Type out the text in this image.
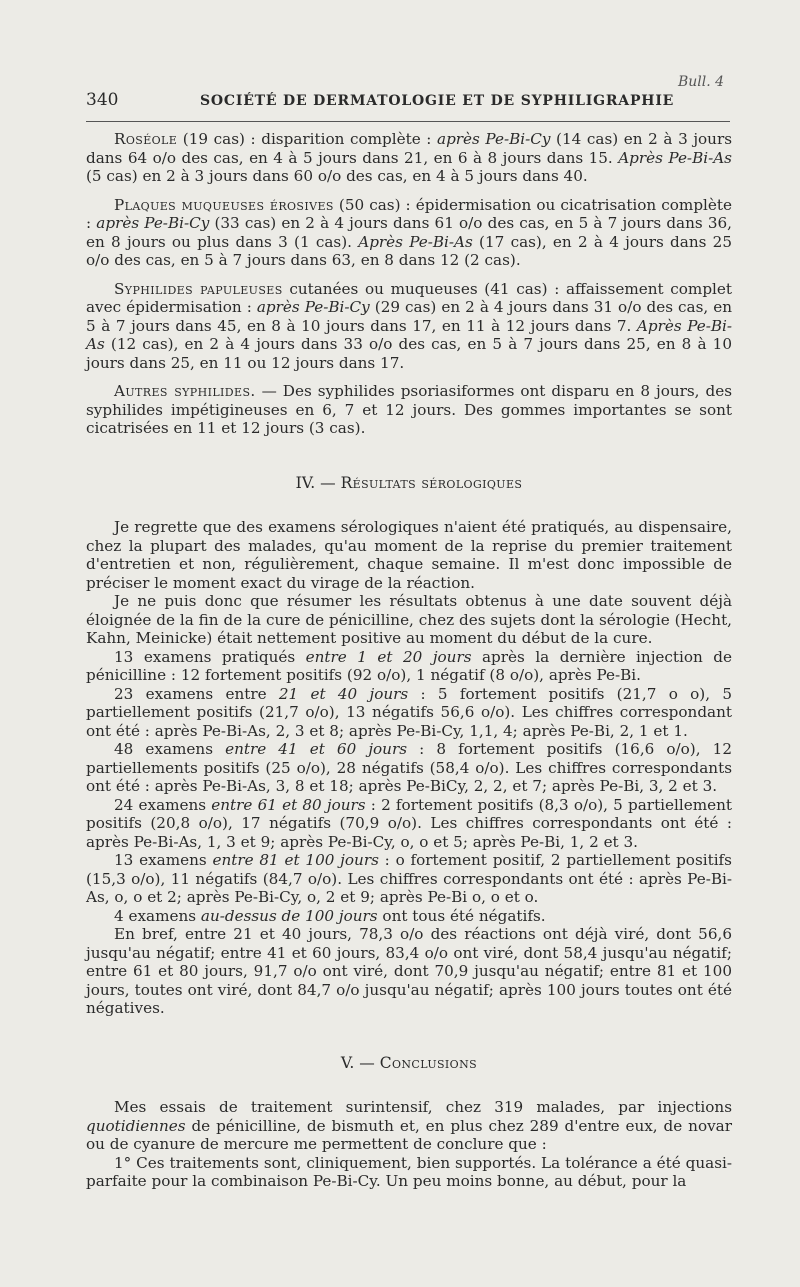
Bull. 4
340	SOCIÉTÉ DE DERMATOLOGIE ET DE SYPHILIGRAPHIE

Roséole (19 cas) : disparition complète : après Pe-Bi-Cy (14 cas) en 2 à 3 jours dans 64 o/o des cas, en 4 à 5 jours dans 21, en 6 à 8 jours dans 15. Après Pe-Bi-As (5 cas) en 2 à 3 jours dans 60 o/o des cas, en 4 à 5 jours dans 40.

Plaques muqueuses érosives (50 cas) : épidermisation ou cicatrisation complète : après Pe-Bi-Cy (33 cas) en 2 à 4 jours dans 61 o/o des cas, en 5 à 7 jours dans 36, en 8 jours ou plus dans 3 (1 cas). Après Pe-Bi-As (17 cas), en 2 à 4 jours dans 25 o/o des cas, en 5 à 7 jours dans 63, en 8 dans 12 (2 cas).

Syphilides papuleuses cutanées ou muqueuses (41 cas) : affaissement complet avec épidermisation : après Pe-Bi-Cy (29 cas) en 2 à 4 jours dans 31 o/o des cas, en 5 à 7 jours dans 45, en 8 à 10 jours dans 17, en 11 à 12 jours dans 7. Après Pe-Bi-As (12 cas), en 2 à 4 jours dans 33 o/o des cas, en 5 à 7 jours dans 25, en 8 à 10 jours dans 25, en 11 ou 12 jours dans 17.

Autres syphilides. — Des syphilides psoriasiformes ont disparu en 8 jours, des syphilides impétigineuses en 6, 7 et 12 jours. Des gommes importantes se sont cicatrisées en 11 et 12 jours (3 cas).

IV. — Résultats sérologiques

Je regrette que des examens sérologiques n'aient été pratiqués, au dispensaire, chez la plupart des malades, qu'au moment de la reprise du premier traitement d'entretien et non, régulièrement, chaque semaine. Il m'est donc impossible de préciser le moment exact du virage de la réaction.

Je ne puis donc que résumer les résultats obtenus à une date souvent déjà éloignée de la fin de la cure de pénicilline, chez des sujets dont la sérologie (Hecht, Kahn, Meinicke) était nettement positive au moment du début de la cure.

13 examens pratiqués entre 1 et 20 jours après la dernière injection de pénicilline : 12 fortement positifs (92 o/o), 1 négatif (8 o/o), après Pe-Bi.

23 examens entre 21 et 40 jours : 5 fortement positifs (21,7 o o), 5 partiellement positifs (21,7 o/o), 13 négatifs 56,6 o/o). Les chiffres correspondant ont été : après Pe-Bi-As, 2, 3 et 8; après Pe-Bi-Cy, 1,1, 4; après Pe-Bi, 2, 1 et 1.

48 examens entre 41 et 60 jours : 8 fortement positifs (16,6 o/o), 12 partiellements positifs (25 o/o), 28 négatifs (58,4 o/o). Les chiffres correspondants ont été : après Pe-Bi-As, 3, 8 et 18; après Pe-BiCy, 2, 2, et 7; après Pe-Bi, 3, 2 et 3.

24 examens entre 61 et 80 jours : 2 fortement positifs (8,3 o/o), 5 partiellement positifs (20,8 o/o), 17 négatifs (70,9 o/o). Les chiffres correspondants ont été : après Pe-Bi-As, 1, 3 et 9; après Pe-Bi-Cy, o, o et 5; après Pe-Bi, 1, 2 et 3.

13 examens entre 81 et 100 jours : o fortement positif, 2 partiellement positifs (15,3 o/o), 11 négatifs (84,7 o/o). Les chiffres correspondants ont été : après Pe-Bi-As, o, o et 2; après Pe-Bi-Cy, o, 2 et 9; après Pe-Bi o, o et o.

4 examens au-dessus de 100 jours ont tous été négatifs.

En bref, entre 21 et 40 jours, 78,3 o/o des réactions ont déjà viré, dont 56,6 jusqu'au négatif; entre 41 et 60 jours, 83,4 o/o ont viré, dont 58,4 jusqu'au négatif; entre 61 et 80 jours, 91,7 o/o ont viré, dont 70,9 jusqu'au négatif; entre 81 et 100 jours, toutes ont viré, dont 84,7 o/o jusqu'au négatif; après 100 jours toutes ont été négatives.

V. — Conclusions

Mes essais de traitement surintensif, chez 319 malades, par injections quotidiennes de pénicilline, de bismuth et, en plus chez 289 d'entre eux, de novar ou de cyanure de mercure me permettent de conclure que :

1° Ces traitements sont, cliniquement, bien supportés. La tolérance a été quasi-parfaite pour la combinaison Pe-Bi-Cy. Un peu moins bonne, au début, pour la
